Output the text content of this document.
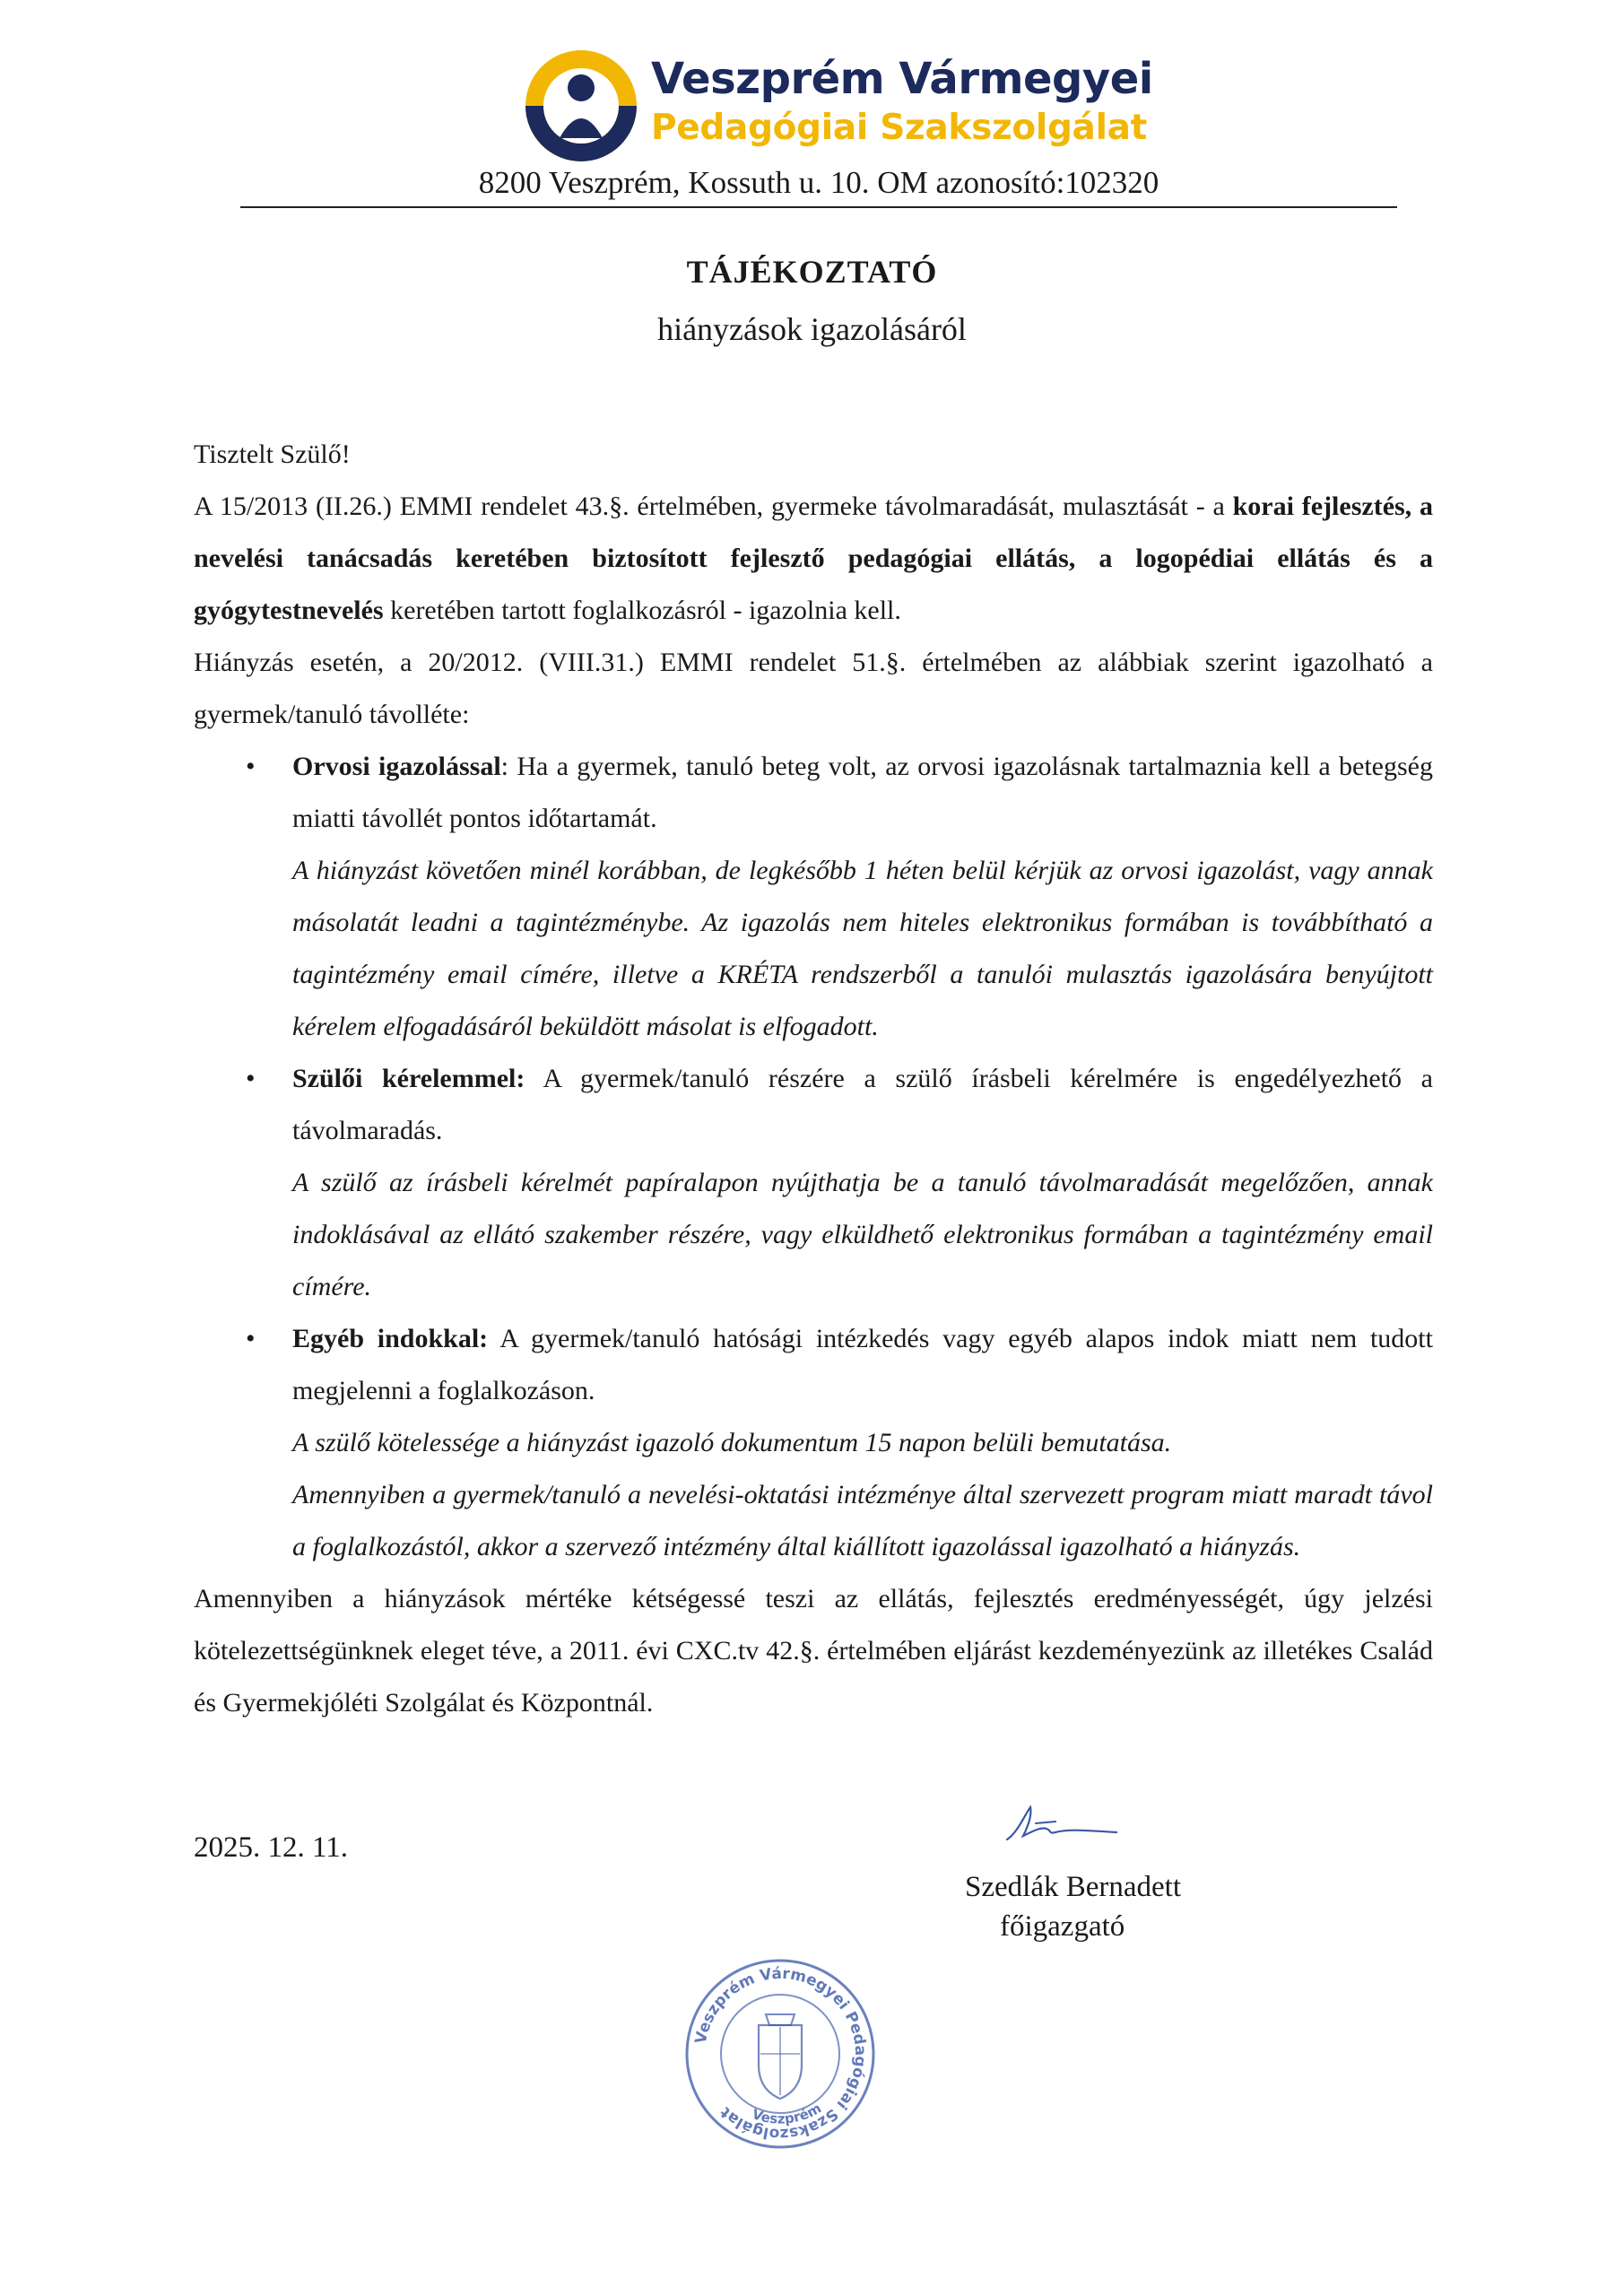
Veszprém Vármegyei
Pedagógiai Szakszolgálat
8200 Veszprém, Kossuth u. 10. OM azonosító:102320
TÁJÉKOZTATÓ
hiányzások igazolásáról

Tisztelt Szülő!

A 15/2013 (II.26.) EMMI rendelet 43.§. értelmében, gyermeke távolmaradását, mulasztását - a korai fejlesztés, a nevelési tanácsadás keretében biztosított fejlesztő pedagógiai ellátás, a logopédiai ellátás és a gyógytestnevelés keretében tartott foglalkozásról - igazolnia kell.

Hiányzás esetén, a 20/2012. (VIII.31.) EMMI rendelet 51.§. értelmében az alábbiak szerint igazolható a gyermek/tanuló távolléte:

• Orvosi igazolással: Ha a gyermek, tanuló beteg volt, az orvosi igazolásnak tartalmaznia kell a betegség miatti távollét pontos időtartamát.

A hiányzást követően minél korábban, de legkésőbb 1 héten belül kérjük az orvosi igazolást, vagy annak másolatát leadni a tagintézménybe. Az igazolás nem hiteles elektronikus formában is továbbítható a tagintézmény email címére, illetve a KRÉTA rendszerből a tanulói mulasztás igazolására benyújtott kérelem elfogadásáról beküldött másolat is elfogadott.

• Szülői kérelemmel: A gyermek/tanuló részére a szülő írásbeli kérelmére is engedélyezhető a távolmaradás.

A szülő az írásbeli kérelmét papíralapon nyújthatja be a tanuló távolmaradását megelőzően, annak indoklásával az ellátó szakember részére, vagy elküldhető elektronikus formában a tagintézmény email címére.

• Egyéb indokkal: A gyermek/tanuló hatósági intézkedés vagy egyéb alapos indok miatt nem tudott megjelenni a foglalkozáson.

A szülő kötelessége a hiányzást igazoló dokumentum 15 napon belüli bemutatása.

Amennyiben a gyermek/tanuló a nevelési-oktatási intézménye által szervezett program miatt maradt távol a foglalkozástól, akkor a szervező intézmény által kiállított igazolással igazolható a hiányzás.

Amennyiben a hiányzások mértéke kétségessé teszi az ellátás, fejlesztés eredményességét, úgy jelzési kötelezettségünknek eleget téve, a 2011. évi CXC.tv 42.§. értelmében eljárást kezdeményezünk az illetékes Család és Gyermekjóléti Szolgálat és Központnál.

2025. 12. 11.
Szedlák Bernadett
főigazgató
Veszprém Vármegyei Pedagógiai Szakszolgálat	Veszprém
